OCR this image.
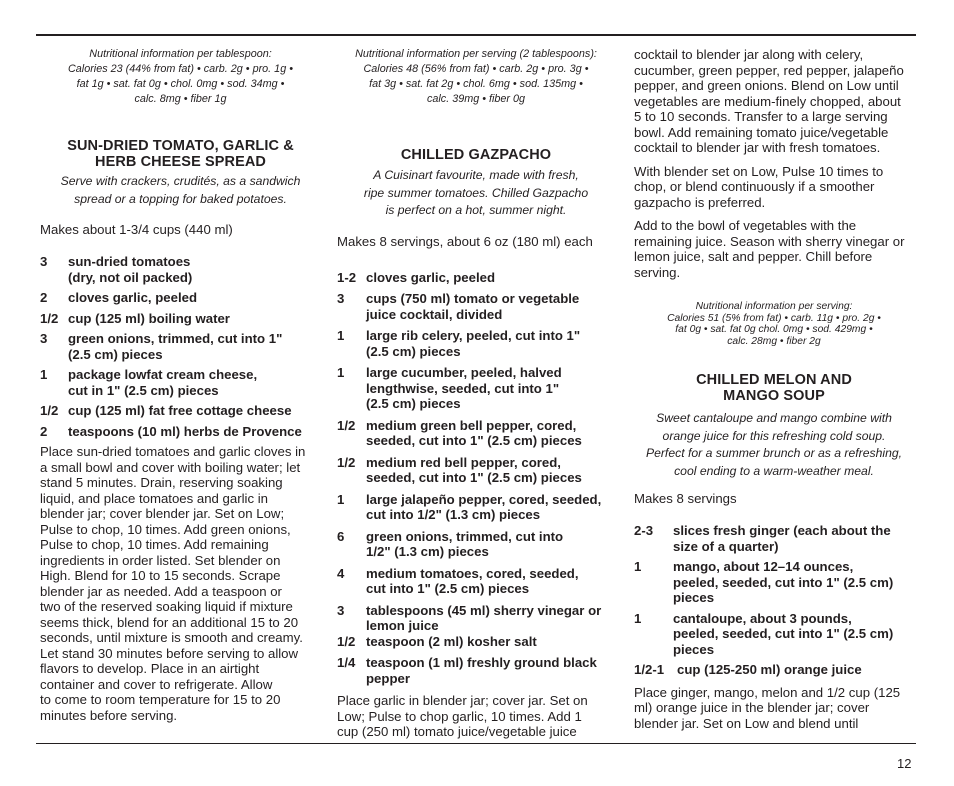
Nutritional information per tablespoon:
Calories 23 (44% from fat) • carb. 2g • pro. 1g •
fat 1g • sat. fat 0g • chol. 0mg • sod. 34mg •
calc. 8mg • fiber 1g
SUN-DRIED TOMATO, GARLIC &
HERB CHEESE SPREAD
Serve with crackers, crudités, as a sandwich
spread or a topping for baked potatoes.
Makes about 1-3/4 cups (440 ml)
3	sun-dried tomatoes
(dry, not oil packed)
2	cloves garlic, peeled
1/2 cup (125 ml) boiling water
3	green onions, trimmed, cut into 1"
(2.5 cm) pieces
1	package lowfat cream cheese,
cut in 1" (2.5 cm) pieces
1/2 cup (125 ml) fat free cottage cheese
2	teaspoons (10 ml) herbs de Provence
Place sun-dried tomatoes and garlic cloves in
a small bowl and cover with boiling water; let
stand 5 minutes. Drain, reserving soaking
liquid, and place tomatoes and garlic in
blender jar; cover blender jar. Set on Low;
Pulse to chop, 10 times. Add green onions,
Pulse to chop, 10 times. Add remaining
ingredients in order listed. Set blender on
High. Blend for 10 to 15 seconds. Scrape
blender jar as needed. Add a teaspoon or
two of the reserved soaking liquid if mixture
seems thick, blend for an additional 15 to 20
seconds, until mixture is smooth and creamy.
Let stand 30 minutes before serving to allow
flavors to develop. Place in an airtight
container and cover to refrigerate. Allow
to come to room temperature for 15 to 20
minutes before serving.
Nutritional information per serving (2 tablespoons):
Calories 48 (56% from fat) • carb. 2g • pro. 3g •
fat 3g • sat. fat 2g • chol. 6mg • sod. 135mg •
calc. 39mg • fiber 0g
CHILLED GAZPACHO
A Cuisinart favourite, made with fresh,
ripe summer tomatoes. Chilled Gazpacho
is perfect on a hot, summer night.
Makes 8 servings, about 6 oz (180 ml) each
1-2 cloves garlic, peeled
3	cups (750 ml) tomato or vegetable
juice cocktail, divided
1	large rib celery, peeled, cut into 1"
(2.5 cm) pieces
1	large cucumber, peeled, halved
lengthwise, seeded, cut into 1"
(2.5 cm) pieces
1/2 medium green bell pepper, cored,
seeded, cut into 1" (2.5 cm) pieces
1/2 medium red bell pepper, cored,
seeded, cut into 1" (2.5 cm) pieces
1	large jalapeño pepper, cored, seeded,
cut into 1/2" (1.3 cm) pieces
6	green onions, trimmed, cut into
1/2" (1.3 cm) pieces
4	medium tomatoes, cored, seeded,
cut into 1" (2.5 cm) pieces
3	tablespoons (45 ml) sherry vinegar or
lemon juice
1/2 teaspoon (2 ml) kosher salt
1/4 teaspoon (1 ml) freshly ground black
pepper
Place garlic in blender jar; cover jar. Set on
Low; Pulse to chop garlic, 10 times. Add 1
cup (250 ml) tomato juice/vegetable juice
cocktail to blender jar along with celery,
cucumber, green pepper, red pepper, jalapeño
pepper, and green onions. Blend on Low until
vegetables are medium-finely chopped, about
5 to 10 seconds. Transfer to a large serving
bowl. Add remaining tomato juice/vegetable
cocktail to blender jar with fresh tomatoes.
With blender set on Low, Pulse 10 times to
chop, or blend continuously if a smoother
gazpacho is preferred.
Add to the bowl of vegetables with the
remaining juice. Season with sherry vinegar or
lemon juice, salt and pepper. Chill before
serving.
Nutritional information per serving:
Calories 51 (5% from fat) • carb. 11g • pro. 2g •
fat 0g • sat. fat 0g chol. 0mg • sod. 429mg •
calc. 28mg • fiber 2g
CHILLED MELON AND
MANGO SOUP
Sweet cantaloupe and mango combine with
orange juice for this refreshing cold soup.
Perfect for a summer brunch or as a refreshing,
cool ending to a warm-weather meal.
Makes 8 servings
2-3	slices fresh ginger (each about the
size of a quarter)
1	mango, about 12–14 ounces,
peeled, seeded, cut into 1" (2.5 cm)
pieces
1	cantaloupe, about 3 pounds,
peeled, seeded, cut into 1" (2.5 cm)
pieces
1/2-1 cup (125-250 ml) orange juice
Place ginger, mango, melon and 1/2 cup (125
ml) orange juice in the blender jar; cover
blender jar. Set on Low and blend until
12
